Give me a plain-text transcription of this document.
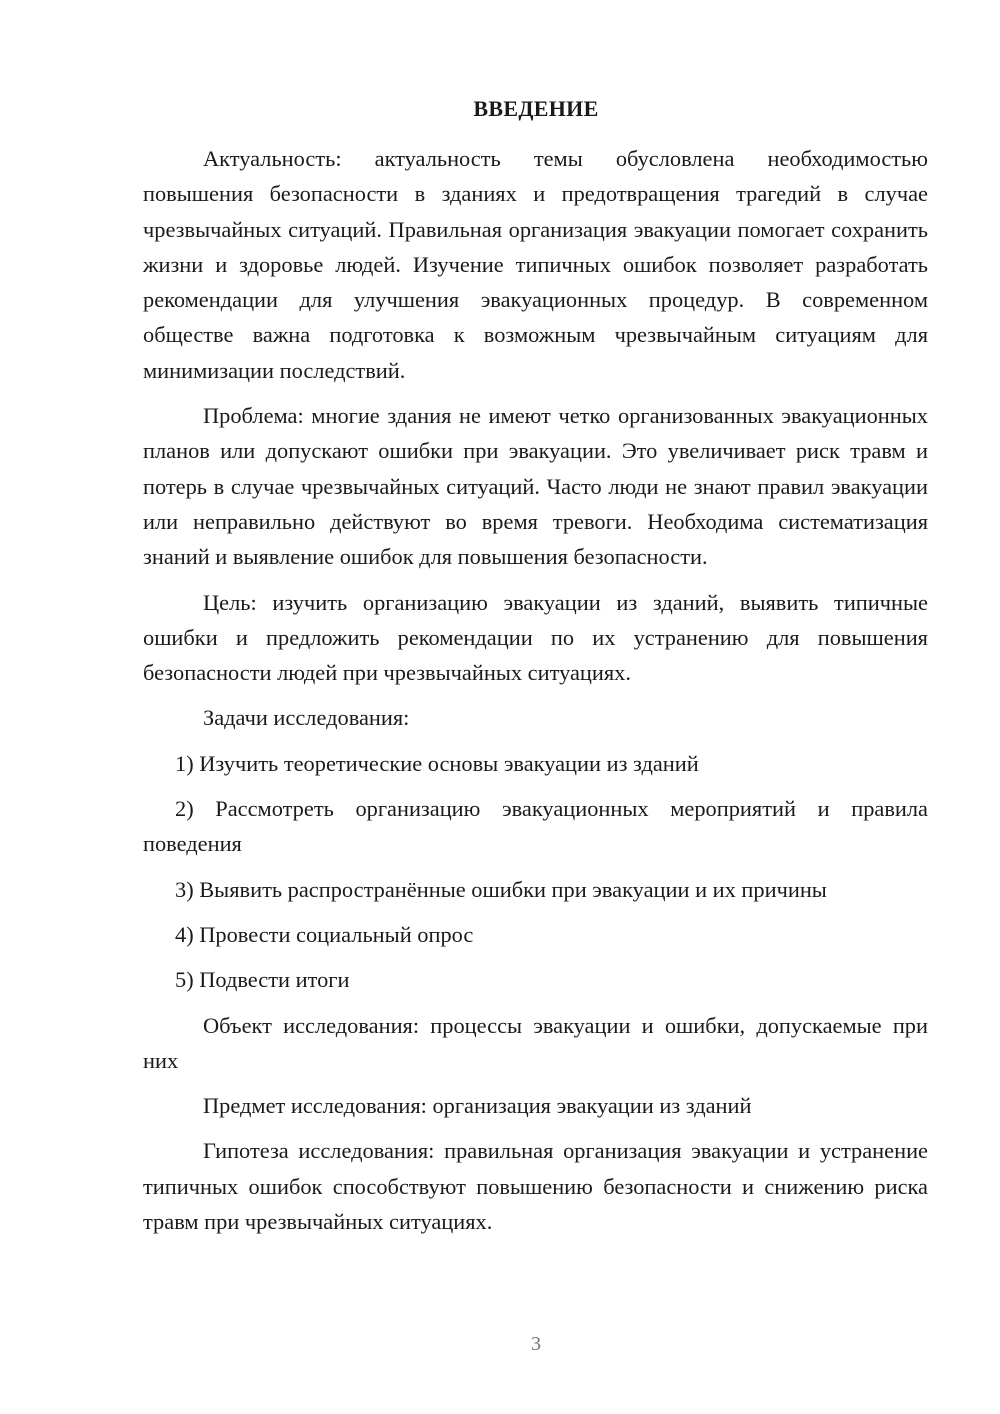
ВВЕДЕНИЕ

Актуальность: актуальность темы обусловлена необходимостью повышения безопасности в зданиях и предотвращения трагедий в случае чрезвычайных ситуаций. Правильная организация эвакуации помогает сохранить жизни и здоровье людей. Изучение типичных ошибок позволяет разработать рекомендации для улучшения эвакуационных процедур. В современном обществе важна подготовка к возможным чрезвычайным ситуациям для минимизации последствий.

Проблема: многие здания не имеют четко организованных эвакуационных планов или допускают ошибки при эвакуации. Это увеличивает риск травм и потерь в случае чрезвычайных ситуаций. Часто люди не знают правил эвакуации или неправильно действуют во время тревоги. Необходима систематизация знаний и выявление ошибок для повышения безопасности.

Цель: изучить организацию эвакуации из зданий, выявить типичные ошибки и предложить рекомендации по их устранению для повышения безопасности людей при чрезвычайных ситуациях.

Задачи исследования:

1) Изучить теоретические основы эвакуации из зданий

2) Рассмотреть организацию эвакуационных мероприятий и правила поведения

3) Выявить распространённые ошибки при эвакуации и их причины

4) Провести социальный опрос

5) Подвести итоги

Объект исследования: процессы эвакуации и ошибки, допускаемые при них

Предмет исследования: организация эвакуации из зданий

Гипотеза исследования: правильная организация эвакуации и устранение типичных ошибок способствуют повышению безопасности и снижению риска травм при чрезвычайных ситуациях.

3
